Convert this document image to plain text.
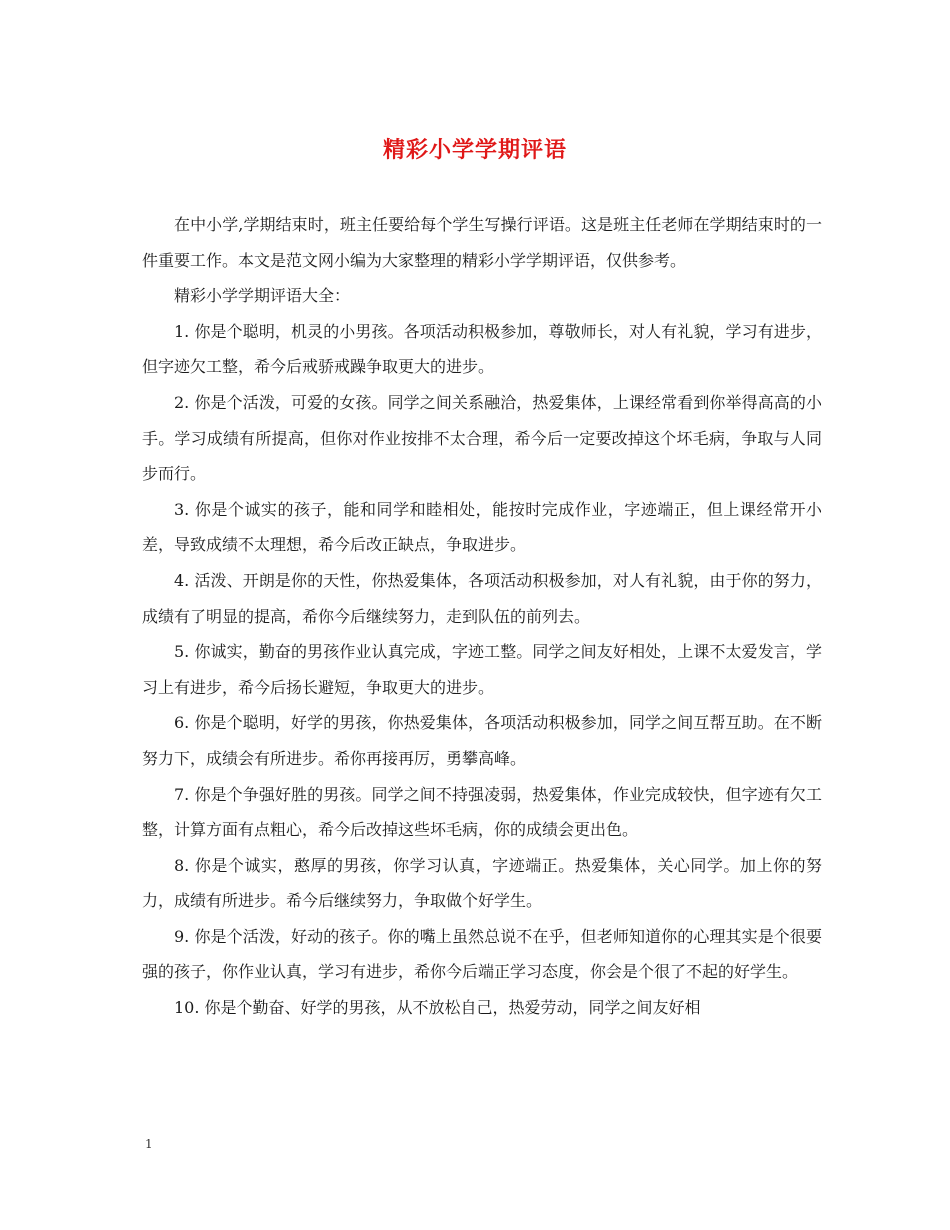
精彩小学学期评语

在中小学,学期结束时，班主任要给每个学生写操行评语。这是班主任老师在学期结束时的一件重要工作。本文是范文网小编为大家整理的精彩小学学期评语，仅供参考。

精彩小学学期评语大全：

1. 你是个聪明，机灵的小男孩。各项活动积极参加，尊敬师长，对人有礼貌，学习有进步，但字迹欠工整，希今后戒骄戒躁争取更大的进步。

2. 你是个活泼，可爱的女孩。同学之间关系融洽，热爱集体，上课经常看到你举得高高的小手。学习成绩有所提高，但你对作业按排不太合理，希今后一定要改掉这个坏毛病，争取与人同步而行。

3. 你是个诚实的孩子，能和同学和睦相处，能按时完成作业，字迹端正，但上课经常开小差，导致成绩不太理想，希今后改正缺点，争取进步。

4. 活泼、开朗是你的天性，你热爱集体，各项活动积极参加，对人有礼貌，由于你的努力，成绩有了明显的提高，希你今后继续努力，走到队伍的前列去。

5. 你诚实，勤奋的男孩作业认真完成，字迹工整。同学之间友好相处，上课不太爱发言，学习上有进步，希今后扬长避短，争取更大的进步。

6. 你是个聪明，好学的男孩，你热爱集体，各项活动积极参加，同学之间互帮互助。在不断努力下，成绩会有所进步。希你再接再厉，勇攀高峰。

7. 你是个争强好胜的男孩。同学之间不持强凌弱，热爱集体，作业完成较快，但字迹有欠工整，计算方面有点粗心，希今后改掉这些坏毛病，你的成绩会更出色。

8. 你是个诚实，憨厚的男孩，你学习认真，字迹端正。热爱集体，关心同学。加上你的努力，成绩有所进步。希今后继续努力，争取做个好学生。

9. 你是个活泼，好动的孩子。你的嘴上虽然总说不在乎，但老师知道你的心理其实是个很要强的孩子，你作业认真，学习有进步，希你今后端正学习态度，你会是个很了不起的好学生。

10. 你是个勤奋、好学的男孩，从不放松自己，热爱劳动，同学之间友好相

1
